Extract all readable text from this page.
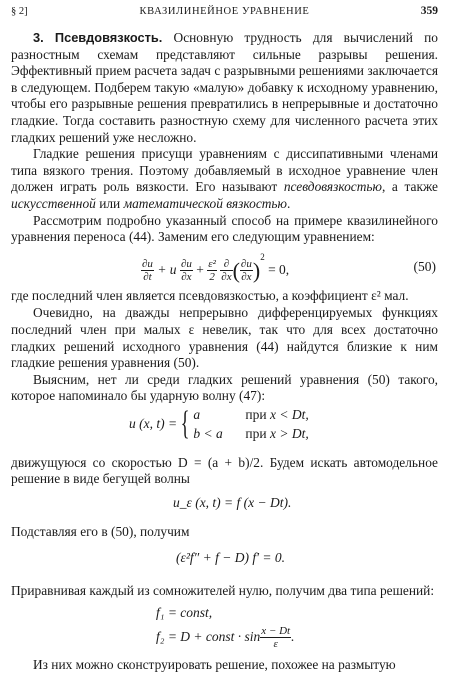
§ 2]	КВАЗИЛИНЕЙНОЕ УРАВНЕНИЕ	359

3. Псевдовязкость. Основную трудность для вычислений по разностным схемам представляют сильные разрывы решения. Эффективный прием расчета задач с разрывными решениями заключается в следующем. Подберем такую «малую» добавку к исходному уравнению, чтобы его разрывные решения превратились в непрерывные и достаточно гладкие. Тогда составить разностную схему для численного расчета этих гладких решений уже несложно.

Гладкие решения присущи уравнениям с диссипативными членами типа вязкого трения. Поэтому добавляемый в исходное уравнение член должен играть роль вязкости. Его называют псевдовязкостью, а также искусственной или математической вязкостью.

Рассмотрим подробно указанный способ на примере квазилинейного уравнения переноса (44). Заменим его следующим уравнением:

$\frac{\partial u}{\partial t} + u \frac{\partial u}{\partial x} + \frac{\text{ε²}}{2}$
$\frac{\partial}{\partial x}$ ( $\frac{\partial u}{\partial x} )^2 = 0$,	(50)

где последний член является псевдовязкостью, а коэффициент ε² мал.

Очевидно, на дважды непрерывно дифференцируемых функциях последний член при малых ε невелик, так что для всех достаточно гладких решений исходного уравнения (44) найдутся близкие к ним гладкие решения уравнения (50).

Выясним, нет ли среди гладких решений уравнения (50) такого, которое напоминало бы ударную волну (47):

u (x, t) = { a	при x < Dt,
b < a при x > Dt,

движущуюся со скоростью D = (a + b)/2. Будем искать автомодельное решение в виде бегущей волны

u_ε (x, t) = f (x − Dt).

Подставляя его в (50), получим

(ε²f″ + f − D) f′ = 0.

Приравнивая каждый из сомножителей нулю, получим два типа решений:

f₁ = const,
f₂ = D + const · $\sin \frac{x - Dt}{\varepsilon}$ .

Из них можно сконструировать решение, похожее на размытую
